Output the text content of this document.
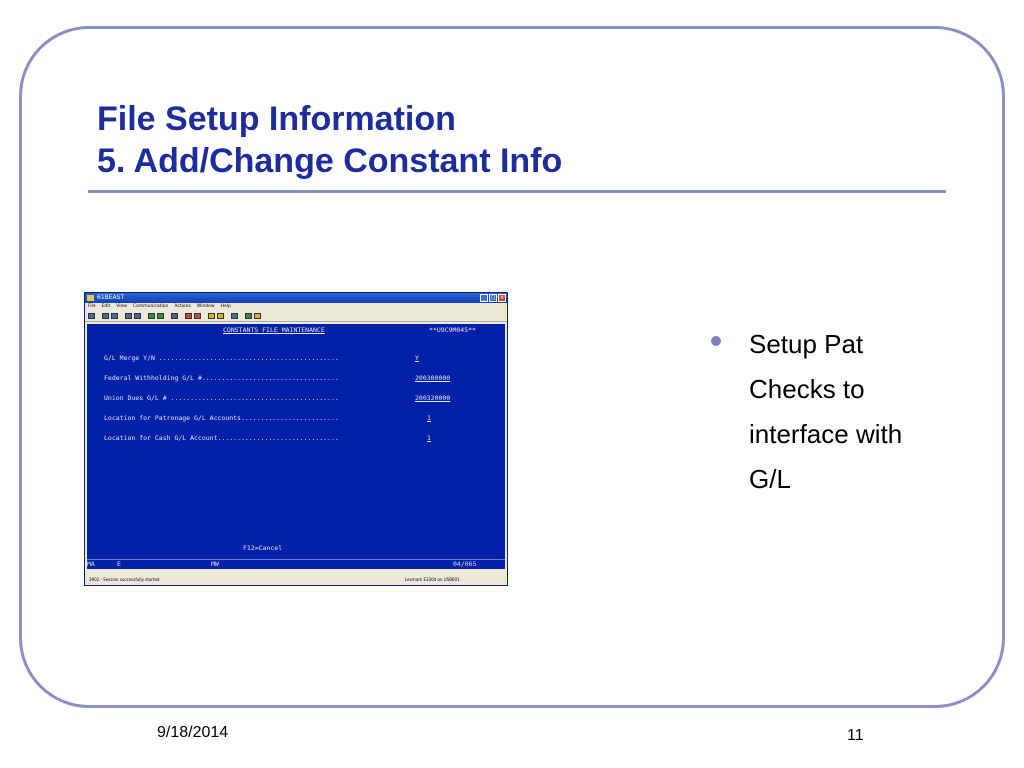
File Setup Information
5. Add/Change Constant Info
61BEAST	_	□ ×
File Edit View Communication Actions Window Help
CONSTANTS FILE MAINTENANCE	**U9C9M045**
G/L Merge Y/N ..............................................	Y
Federal Withholding G/L #...................................	200300000
Union Dues G/L # ...........................................	200320000
Location for Patronage G/L Accounts.........................	1
Location for Cash G/L Account...............................	1
F12=Cancel
MA	E	MW	04/065
3902 - Session successfully started	Lexmark E330d on USB001
Setup Pat Checks to interface with G/L
9/18/2014	11
